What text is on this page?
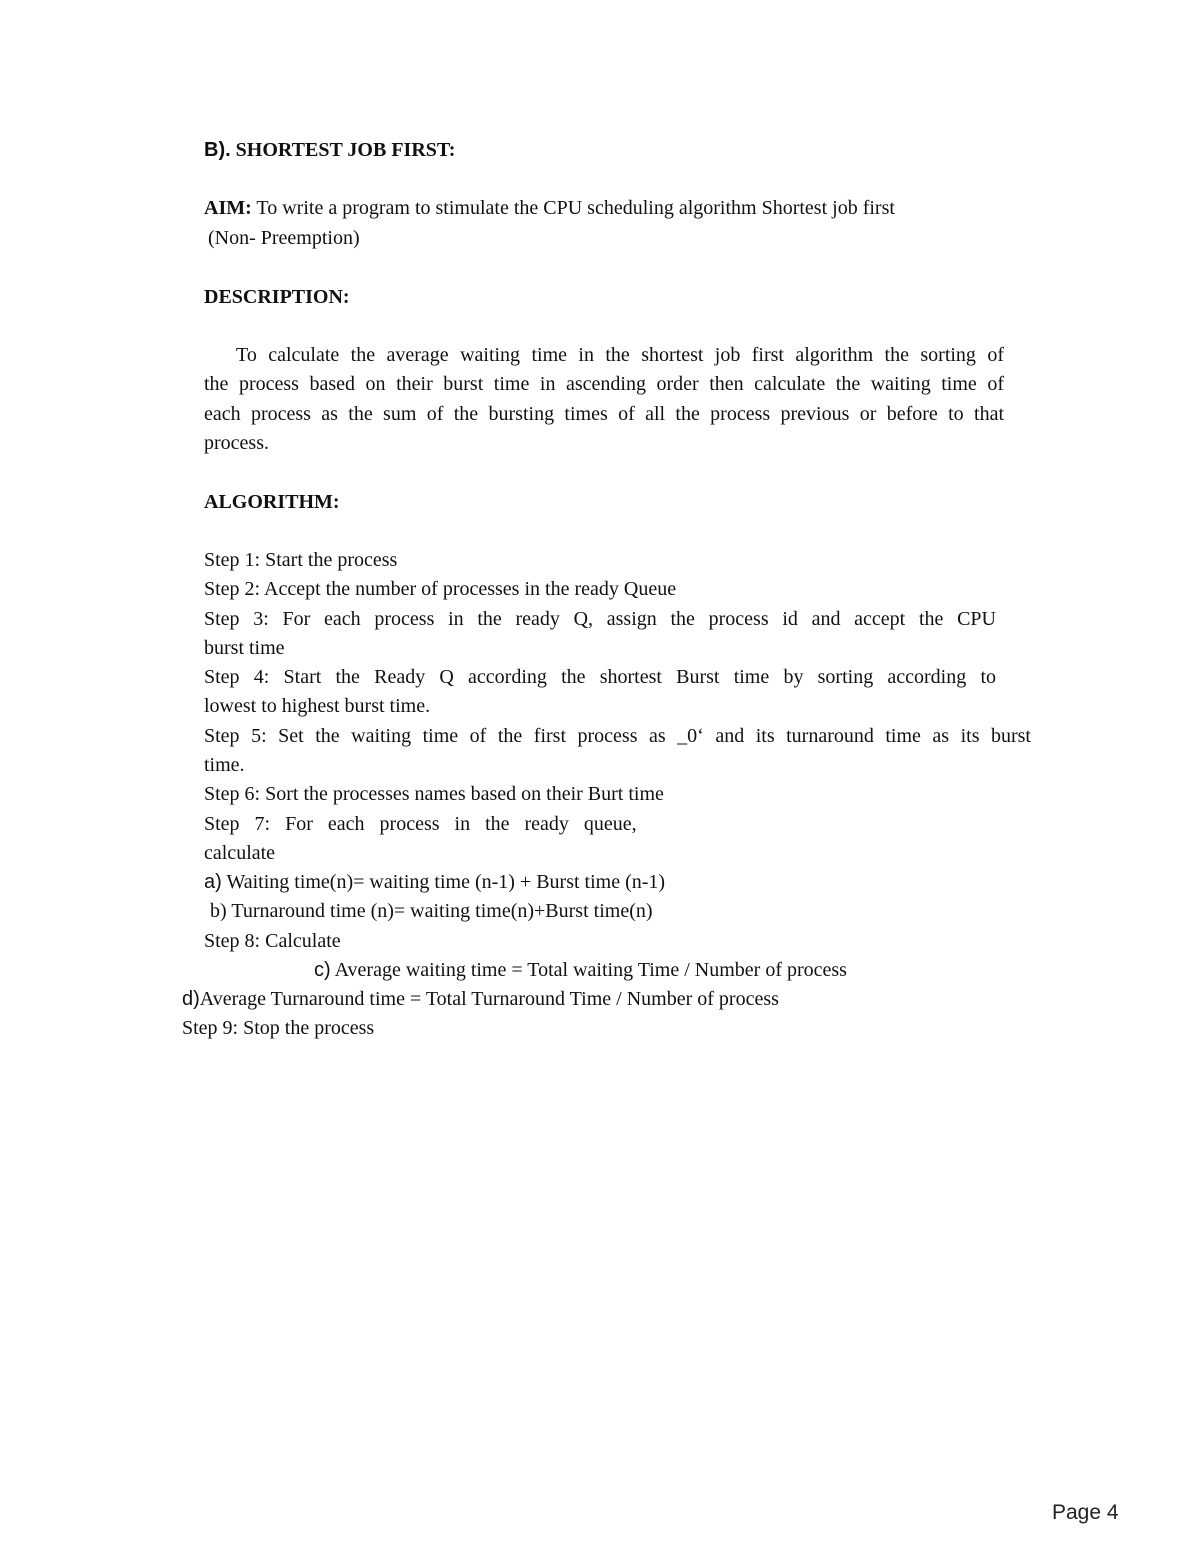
B). SHORTEST JOB FIRST:
AIM: To write a program to stimulate the CPU scheduling algorithm Shortest job first
(Non- Preemption)
DESCRIPTION:
To calculate the average waiting time in the shortest job first algorithm the sorting of
the process based on their burst time in ascending order then calculate the waiting time of
each process as the sum of the bursting times of all the process previous or before to that
process.
ALGORITHM:
Step 1: Start the process
Step 2: Accept the number of processes in the ready Queue
Step 3: For each process in the ready Q, assign the process id and accept the CPU
burst time
Step 4: Start the Ready Q according the shortest Burst time by sorting according to
lowest to highest burst time.
Step 5: Set the waiting time of the first process as _0‘ and its turnaround time as its burst
time.
Step 6: Sort the processes names based on their Burt time
Step 7: For each process in the ready queue,
calculate
a) Waiting time(n)= waiting time (n-1) + Burst time (n-1)
b) Turnaround time (n)= waiting time(n)+Burst time(n)
Step 8: Calculate
c) Average waiting time = Total waiting Time / Number of process
d)Average Turnaround time = Total Turnaround Time / Number of process
Step 9: Stop the process
Page 4
